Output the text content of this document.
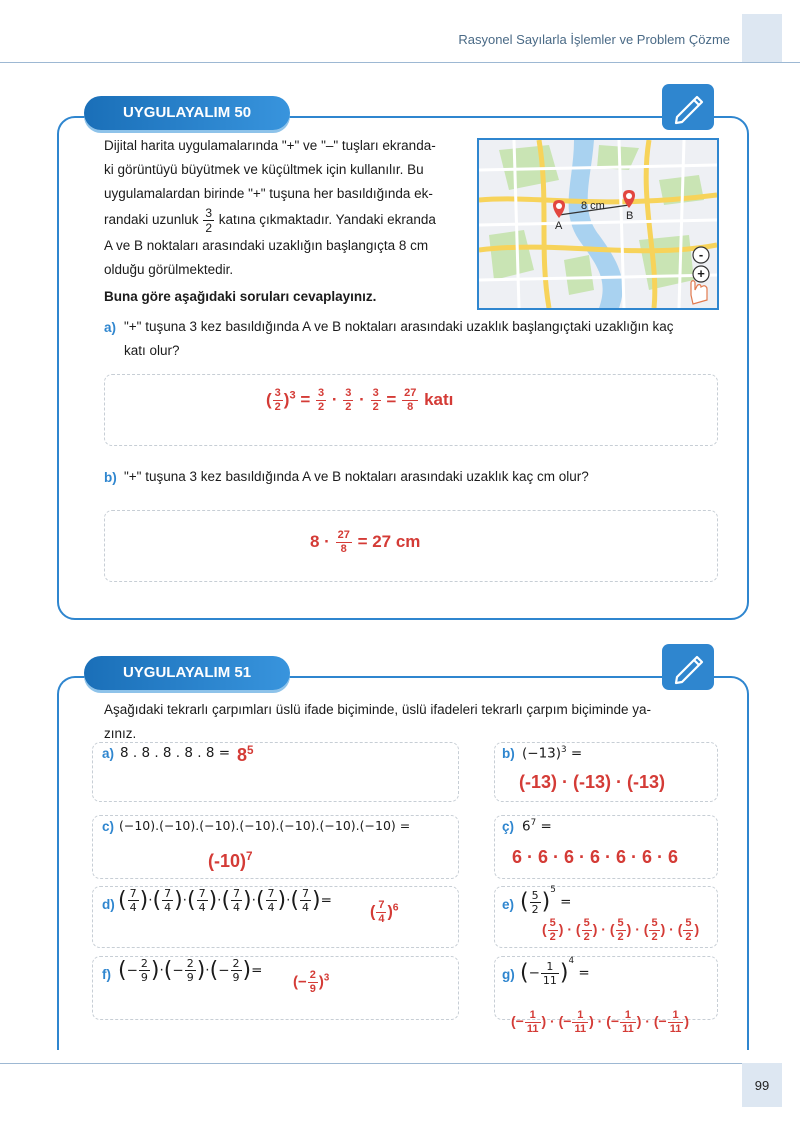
Rasyonel Sayılarla İşlemler ve Problem Çözme
UYGULAYALIM 50
Dijital harita uygulamalarında "+" ve "–" tuşları ekranda-
ki görüntüyü büyütmek ve küçültmek için kullanılır. Bu
uygulamalardan birinde "+" tuşuna her basıldığında ek-
randaki uzunluk $\frac{3}{2}$ katına çıkmaktadır. Yandaki ekranda
A ve B noktaları arasındaki uzaklığın başlangıçta 8 cm
olduğu görülmektedir.
Buna göre aşağıdaki soruları cevaplayınız.
8 cm
A
B
-
+
a) "+" tuşuna 3 kez basıldığında A ve B noktaları arasındaki uzaklık başlangıçtaki uzaklığın kaç
katı olur?
( $\frac{3}{2} )^3 = \frac{3}{2} \cdot \frac{3}{2} \cdot \frac{3}{2} = \frac{27}{8}$ katı
b) "+" tuşuna 3 kez basıldığında A ve B noktaları arasındaki uzaklık kaç cm olur?
$8 \cdot \frac{27}{8} = 27$ cm
UYGULAYALIM 51
Aşağıdaki tekrarlı çarpımları üslü ifade biçiminde, üslü ifadeleri tekrarlı çarpım biçiminde ya-
zınız.
a) 8 . 8 . 8 . 8 . $8 = 8^5$	b) $(-13)^3$ =
(-13) · (-13) · (-13)
c) (−10).(−10).(−10).(−10).(−10).(−10).(−10) =
$(-10)^7$
ç) $6^7$ =
6 · 6 · 6 · 6 · 6 · 6 · 6
d) ( $\frac{7}{4}$ )·( $\frac{7}{4}$ )·( $\frac{7}{4}$ )·( $\frac{7}{4}$ )·( $\frac{7}{4}$ )·( $\frac{7}{4}$ )=
( $\frac{7}{4} )^6$	e) ( $\frac{5}{2} )^5$ =
( $\frac{5}{2}$ ) · ( $\frac{5}{2}$ ) · ( $\frac{5}{2}$ ) · ( $\frac{5}{2}$ ) · ( $\frac{5}{2}$ )
f) (− $\frac{2}{9}$ )·(− $\frac{2}{9}$ )·(− $\frac{2}{9}$ )=
(− $\frac{2}{9} )^3$	g) (− $\frac{1}{11} )^4$ =
(− $\frac{1}{11}$ ) · (− $\frac{1}{11}$ ) · (− $\frac{1}{11}$ ) · (− $\frac{1}{11}$ )
99
